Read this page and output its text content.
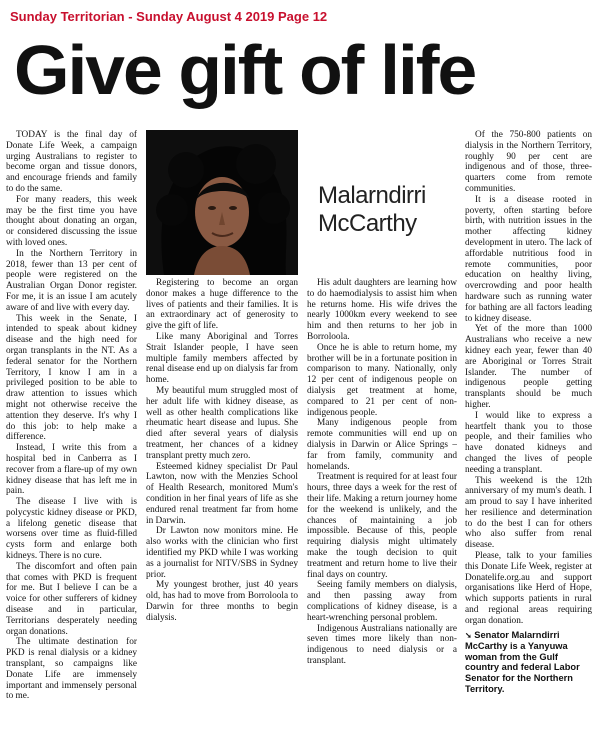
Sunday Territorian - Sunday August 4 2019 Page 12
Give gift of life

TODAY is the final day of Donate Life Week, a campaign urging Australians to register to become organ and tissue donors, and encourage friends and family to do the same.

For many readers, this week may be the first time you have thought about donating an organ, or considered discussing the issue with loved ones.

In the Northern Territory in 2018, fewer than 13 per cent of people were registered on the Australian Organ Donor register. For me, it is an issue I am acutely aware of and live with every day.

This week in the Senate, I intended to speak about kidney disease and the high need for organ transplants in the NT. As a federal senator for the Northern Territory, I know I am in a privileged position to be able to draw attention to issues which might not otherwise receive the attention they deserve. It's why I do this job: to help make a difference.

Instead, I write this from a hospital bed in Canberra as I recover from a flare-up of my own kidney disease that has left me in pain.

The disease I live with is polycystic kidney disease or PKD, a lifelong genetic disease that worsens over time as fluid-filled cysts form and enlarge both kidneys. There is no cure.

The discomfort and often pain that comes with PKD is frequent for me. But I believe I can be a voice for other sufferers of kidney disease and in particular, Territorians desperately needing organ donations.

The ultimate destination for PKD is renal dialysis or a kidney transplant, so campaigns like Donate Life are immensely important and immensely personal to me.

Malarndirri
McCarthy

Registering to become an organ donor makes a huge difference to the lives of patients and their families. It is an extraordinary act of generosity to give the gift of life.

Like many Aboriginal and Torres Strait Islander people, I have seen multiple family members affected by renal disease end up on dialysis far from home.

My beautiful mum struggled most of her adult life with kidney disease, as well as other health complications like rheumatic heart disease and lupus. She died after several years of dialysis treatment, her chances of a kidney transplant pretty much zero.

Esteemed kidney specialist Dr Paul Lawton, now with the Menzies School of Health Research, monitored Mum's condition in her final years of life as she endured renal treatment far from home in Darwin.

Dr Lawton now monitors mine. He also works with the clinician who first identified my PKD while I was working as a journalist for NITV/SBS in Sydney prior.

My youngest brother, just 40 years old, has had to move from Borroloola to Darwin for three months to begin dialysis.

His adult daughters are learning how to do haemodialysis to assist him when he returns home. His wife drives the nearly 1000km every weekend to see him and then returns to her job in Borroloola.

Once he is able to return home, my brother will be in a fortunate position in comparison to many. Nationally, only 12 per cent of indigenous people on dialysis get treatment at home, compared to 21 per cent of non-indigenous people.

Many indigenous people from remote communities will end up on dialysis in Darwin or Alice Springs – far from family, community and homelands.

Treatment is required for at least four hours, three days a week for the rest of their life. Making a return journey home for the weekend is unlikely, and the chances of maintaining a job impossible. Because of this, people requiring dialysis might ultimately make the tough decision to quit treatment and return home to live their final days on country.

Seeing family members on dialysis, and then passing away from complications of kidney disease, is a heart-wrenching personal problem.

Indigenous Australians nationally are seven times more likely than non-indigenous to need dialysis or a transplant.

Of the 750-800 patients on dialysis in the Northern Territory, roughly 90 per cent are indigenous and of those, three-quarters come from remote communities.

It is a disease rooted in poverty, often starting before birth, with nutrition issues in the mother affecting kidney development in utero. The lack of affordable nutritious food in remote communities, poor education on healthy living, overcrowding and poor health hardware such as running water for bathing are all factors leading to kidney disease.

Yet of the more than 1000 Australians who receive a new kidney each year, fewer than 40 are Aboriginal or Torres Strait Islander. The number of indigenous people getting transplants should be much higher.

I would like to express a heartfelt thank you to those people, and their families who have donated kidneys and changed the lives of people needing a transplant.

This weekend is the 12th anniversary of my mum's death. I am proud to say I have inherited her resilience and determination to do the best I can for others who also suffer from renal disease.

Please, talk to your families this Donate Life Week, register at Donatelife.org.au and support organisations like Herd of Hope, which supports patients in rural and regional areas requiring organ donation.

➘ Senator Malarndirri McCarthy is a Yanyuwa woman from the Gulf country and federal Labor Senator for the Northern Territory.
